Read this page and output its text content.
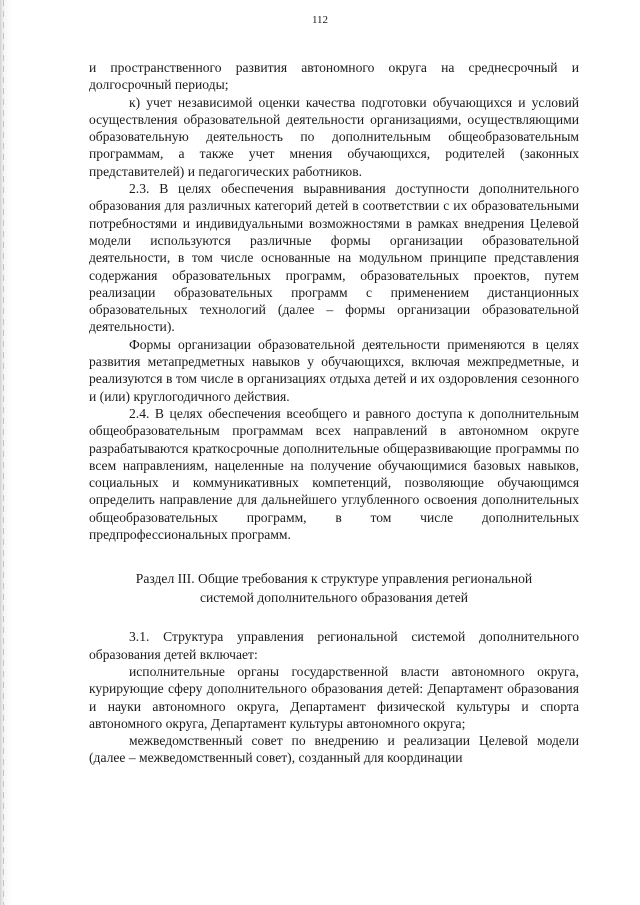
112

и пространственного развития автономного округа на среднесрочный и долгосрочный периоды;

к) учет независимой оценки качества подготовки обучающихся и условий осуществления образовательной деятельности организациями, осуществляющими образовательную деятельность по дополнительным общеобразовательным программам, а также учет мнения обучающихся, родителей (законных представителей) и педагогических работников.

2.3. В целях обеспечения выравнивания доступности дополнительного образования для различных категорий детей в соответствии с их образовательными потребностями и индивидуальными возможностями в рамках внедрения Целевой модели используются различные формы организации образовательной деятельности, в том числе основанные на модульном принципе представления содержания образовательных программ, образовательных проектов, путем реализации образовательных программ с применением дистанционных образовательных технологий (далее – формы организации образовательной деятельности).

Формы организации образовательной деятельности применяются в целях развития метапредметных навыков у обучающихся, включая межпредметные, и реализуются в том числе в организациях отдыха детей и их оздоровления сезонного и (или) круглогодичного действия.

2.4. В целях обеспечения всеобщего и равного доступа к дополнительным общеобразовательным программам всех направлений в автономном округе разрабатываются краткосрочные дополнительные общеразвивающие программы по всем направлениям, нацеленные на получение обучающимися базовых навыков, социальных и коммуникативных компетенций, позволяющие обучающимся определить направление для дальнейшего углубленного освоения дополнительных общеобразовательных программ, в том числе дополнительных предпрофессиональных программ.

Раздел III. Общие требования к структуре управления региональной
системой дополнительного образования детей

3.1. Структура управления региональной системой дополнительного образования детей включает:

исполнительные органы государственной власти автономного округа, курирующие сферу дополнительного образования детей: Департамент образования и науки автономного округа, Департамент физической культуры и спорта автономного округа, Департамент культуры автономного округа;

межведомственный совет по внедрению и реализации Целевой модели (далее – межведомственный совет), созданный для координации
